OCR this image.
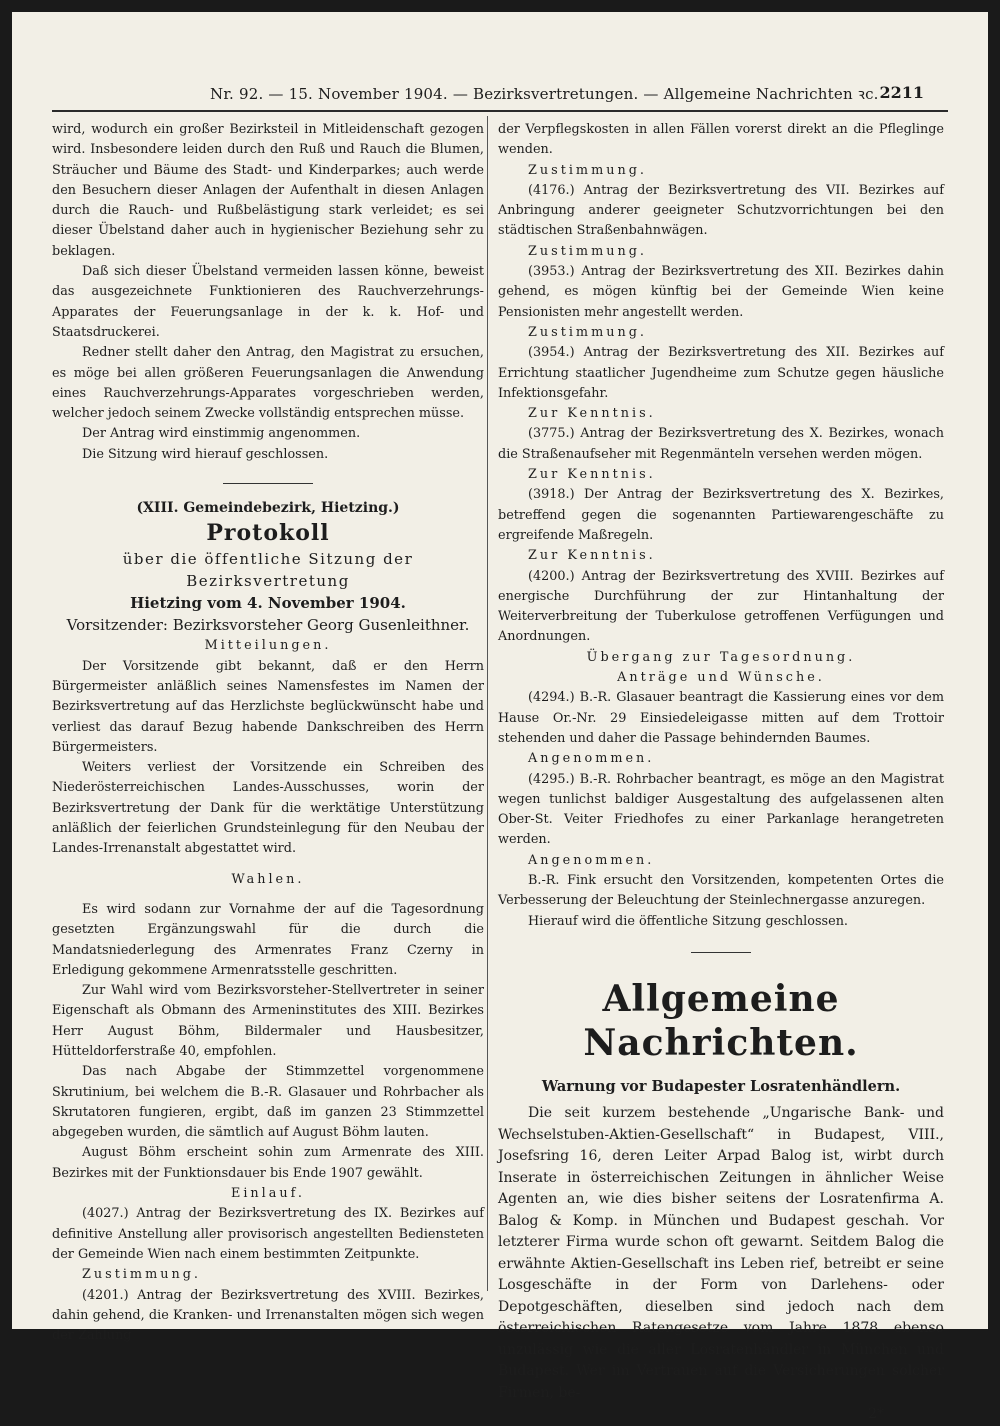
Nr. 92. — 15. November 1904. — Bezirksvertretungen. — Allgemeine Nachrichten ꝛc. 2211

wird, wodurch ein großer Bezirksteil in Mitleidenschaft gezogen wird. Insbesondere leiden durch den Ruß und Rauch die Blumen, Sträucher und Bäume des Stadt- und Kinderparkes; auch werde den Besuchern dieser Anlagen der Aufenthalt in diesen Anlagen durch die Rauch- und Rußbelästigung stark verleidet; es sei dieser Übelstand daher auch in hygienischer Beziehung sehr zu beklagen.

Daß sich dieser Übelstand vermeiden lassen könne, beweist das ausgezeichnete Funktionieren des Rauchverzehrungs-Apparates der Feuerungsanlage in der k. k. Hof- und Staatsdruckerei.

Redner stellt daher den Antrag, den Magistrat zu ersuchen, es möge bei allen größeren Feuerungsanlagen die Anwendung eines Rauchverzehrungs-Apparates vorgeschrieben werden, welcher jedoch seinem Zwecke vollständig entsprechen müsse.

Der Antrag wird einstimmig angenommen.

Die Sitzung wird hierauf geschlossen.

(XIII. Gemeindebezirk, Hietzing.)
Protokoll

über die öffentliche Sitzung der Bezirksvertretung

Hietzing vom 4. November 1904.

Vorsitzender: Bezirksvorsteher Georg Gusenleithner.

Mitteilungen.

Der Vorsitzende gibt bekannt, daß er den Herrn Bürgermeister anläßlich seines Namensfestes im Namen der Bezirksvertretung auf das Herzlichste beglückwünscht habe und verliest das darauf Bezug habende Dankschreiben des Herrn Bürgermeisters.

Weiters verliest der Vorsitzende ein Schreiben des Niederösterreichischen Landes-Ausschusses, worin der Bezirksvertretung der Dank für die werktätige Unterstützung anläßlich der feierlichen Grundsteinlegung für den Neubau der Landes-Irrenanstalt abgestattet wird.

Wahlen.

Es wird sodann zur Vornahme der auf die Tagesordnung gesetzten Ergänzungswahl für die durch die Mandatsniederlegung des Armenrates Franz Czerny in Erledigung gekommene Armenratsstelle geschritten.

Zur Wahl wird vom Bezirksvorsteher-Stellvertreter in seiner Eigenschaft als Obmann des Armeninstitutes des XIII. Bezirkes Herr August Böhm, Bildermaler und Hausbesitzer, Hütteldorferstraße 40, empfohlen.

Das nach Abgabe der Stimmzettel vorgenommene Skrutinium, bei welchem die B.-R. Glasauer und Rohrbacher als Skrutatoren fungieren, ergibt, daß im ganzen 23 Stimmzettel abgegeben wurden, die sämtlich auf August Böhm lauten.

August Böhm erscheint sohin zum Armenrate des XIII. Bezirkes mit der Funktionsdauer bis Ende 1907 gewählt.

Einlauf.

(4027.) Antrag der Bezirksvertretung des IX. Bezirkes auf definitive Anstellung aller provisorisch angestellten Bediensteten der Gemeinde Wien nach einem bestimmten Zeitpunkte.

Zustimmung.

(4201.) Antrag der Bezirksvertretung des XVIII. Bezirkes, dahin gehend, die Kranken- und Irrenanstalten mögen sich wegen der Zahlung

der Verpflegskosten in allen Fällen vorerst direkt an die Pfleglinge wenden.

Zustimmung.

(4176.) Antrag der Bezirksvertretung des VII. Bezirkes auf Anbringung anderer geeigneter Schutzvorrichtungen bei den städtischen Straßenbahnwägen.

Zustimmung.

(3953.) Antrag der Bezirksvertretung des XII. Bezirkes dahin gehend, es mögen künftig bei der Gemeinde Wien keine Pensionisten mehr angestellt werden.

Zustimmung.

(3954.) Antrag der Bezirksvertretung des XII. Bezirkes auf Errichtung staatlicher Jugendheime zum Schutze gegen häusliche Infektionsgefahr.

Zur Kenntnis.

(3775.) Antrag der Bezirksvertretung des X. Bezirkes, wonach die Straßenaufseher mit Regenmänteln versehen werden mögen.

Zur Kenntnis.

(3918.) Der Antrag der Bezirksvertretung des X. Bezirkes, betreffend gegen die sogenannten Partiewarengeschäfte zu ergreifende Maßregeln.

Zur Kenntnis.

(4200.) Antrag der Bezirksvertretung des XVIII. Bezirkes auf energische Durchführung der zur Hintanhaltung der Weiterverbreitung der Tuberkulose getroffenen Verfügungen und Anordnungen.

Übergang zur Tagesordnung.

Anträge und Wünsche.

(4294.) B.-R. Glasauer beantragt die Kassierung eines vor dem Hause Or.-Nr. 29 Einsiedeleigasse mitten auf dem Trottoir stehenden und daher die Passage behindernden Baumes.

Angenommen.

(4295.) B.-R. Rohrbacher beantragt, es möge an den Magistrat wegen tunlichst baldiger Ausgestaltung des aufgelassenen alten Ober-St. Veiter Friedhofes zu einer Parkanlage herangetreten werden.

Angenommen.

B.-R. Fink ersucht den Vorsitzenden, kompetenten Ortes die Verbesserung der Beleuchtung der Steinlechnergasse anzuregen.

Hierauf wird die öffentliche Sitzung geschlossen.

Allgemeine Nachrichten.
Warnung vor Budapester Losratenhändlern.

Die seit kurzem bestehende „Ungarische Bank- und Wechselstuben-Aktien-Gesellschaft“ in Budapest, VIII., Josefsring 16, deren Leiter Arpad Balog ist, wirbt durch Inserate in österreichischen Zeitungen in ähnlicher Weise Agenten an, wie dies bisher seitens der Losratenfirma A. Balog & Komp. in München und Budapest geschah. Vor letzterer Firma wurde schon oft gewarnt. Seitdem Balog die erwähnte Aktien-Gesellschaft ins Leben rief, betreibt er seine Losgeschäfte in der Form von Darlehens- oder Depotgeschäften, dieselben sind jedoch nach dem österreichischen Ratengesetze vom Jahre 1878 ebenso unzulässig wie die aller Losratenhändler in München und Budapest. Wer im Vertrauen auf die Versicherungen solcher Firmen, be-

2*
